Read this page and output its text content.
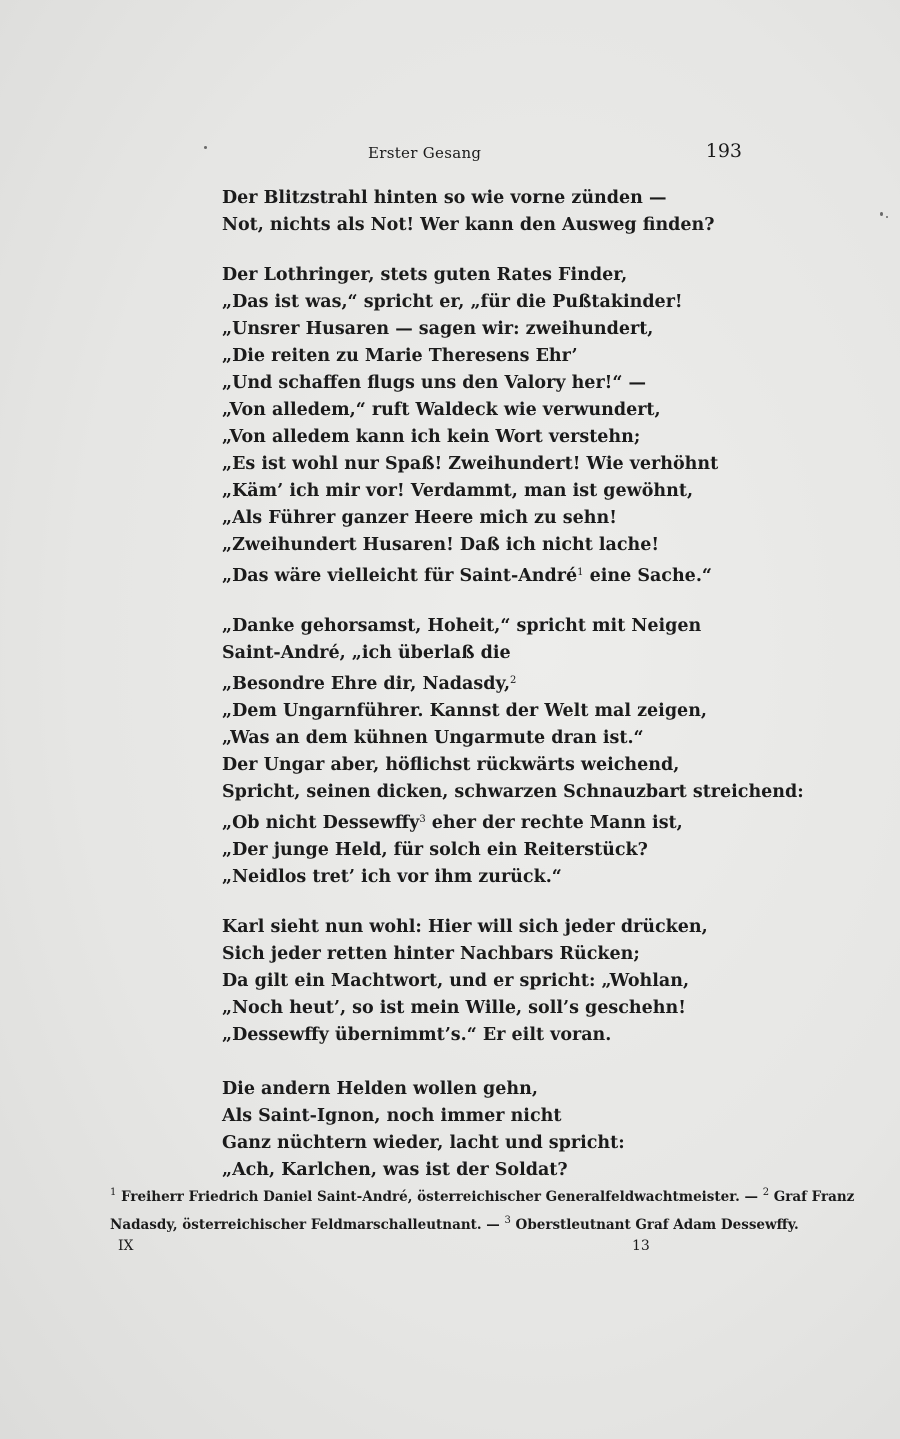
Erster Gesang	193
Der Blitzstrahl hinten so wie vorne zünden —
Not, nichts als Not! Wer kann den Ausweg finden?
Der Lothringer, stets guten Rates Finder,
„Das ist was,“ spricht er, „für die Pußtakinder!
„Unsrer Husaren — sagen wir: zweihundert,
„Die reiten zu Marie Theresens Ehr’
„Und schaffen flugs uns den Valory her!“ —
„Von alledem,“ ruft Waldeck wie verwundert,
„Von alledem kann ich kein Wort verstehn;
„Es ist wohl nur Spaß! Zweihundert! Wie verhöhnt
„Käm’ ich mir vor! Verdammt, man ist gewöhnt,
„Als Führer ganzer Heere mich zu sehn!
„Zweihundert Husaren! Daß ich nicht lache!
„Das wäre vielleicht für Saint-André$^1$ eine Sache.“
„Danke gehorsamst, Hoheit,“ spricht mit Neigen
Saint-André, „ich überlaß die
„Besondre Ehre dir, Nadasdy,$^2$
„Dem Ungarnführer. Kannst der Welt mal zeigen,
„Was an dem kühnen Ungarmute dran ist.“
Der Ungar aber, höflichst rückwärts weichend,
Spricht, seinen dicken, schwarzen Schnauzbart streichend:
„Ob nicht Dessewffy$^3$ eher der rechte Mann ist,
„Der junge Held, für solch ein Reiterstück?
„Neidlos tret’ ich vor ihm zurück.“
Karl sieht nun wohl: Hier will sich jeder drücken,
Sich jeder retten hinter Nachbars Rücken;
Da gilt ein Machtwort, und er spricht: „Wohlan,
„Noch heut’, so ist mein Wille, soll’s geschehn!
„Dessewffy übernimmt’s.“ Er eilt voran.
Die andern Helden wollen gehn,
Als Saint-Ignon, noch immer nicht
Ganz nüchtern wieder, lacht und spricht:
„Ach, Karlchen, was ist der Soldat?
$^1$ Freiherr Friedrich Daniel Saint-André, österreichischer Generalfeldwachtmeister. — $^2$ Graf Franz
Nadasdy, österreichischer Feldmarschalleutnant. — $^3$ Oberstleutnant Graf Adam Dessewffy.
IX	13
